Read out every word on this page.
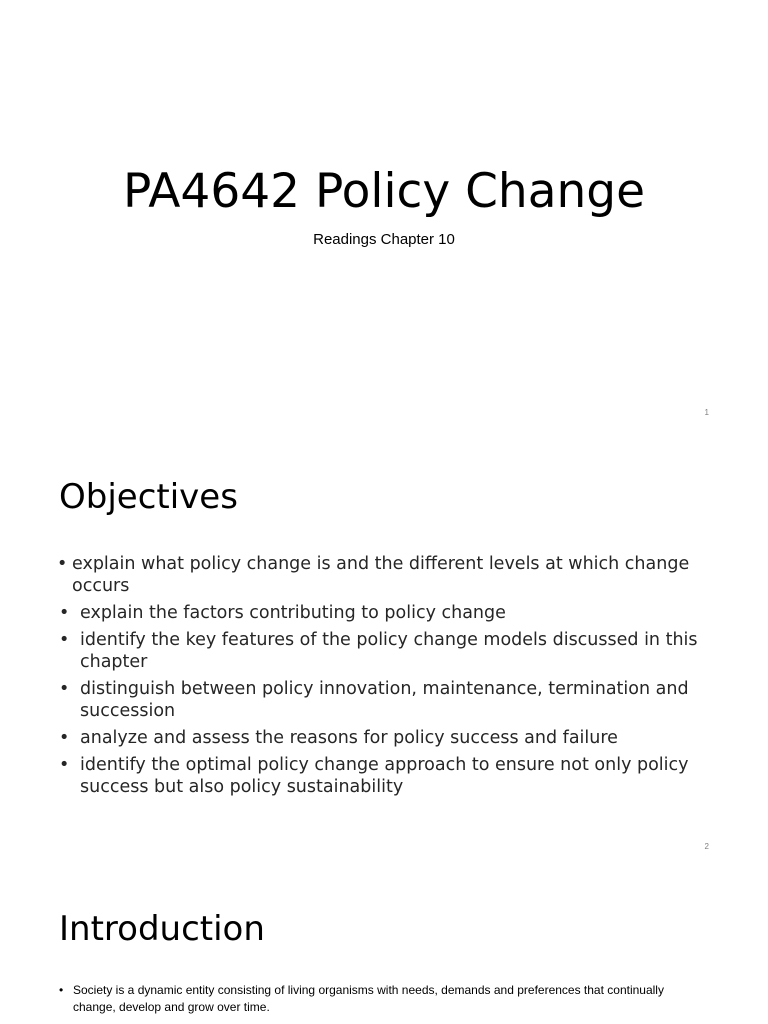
PA4642 Policy Change
Readings Chapter 10
1
Objectives
• explain what policy change is and the different levels at which change occurs
• explain the factors contributing to policy change
• identify the key features of the policy change models discussed in this chapter
• distinguish between policy innovation, maintenance, termination and succession
• analyze and assess the reasons for policy success and failure
• identify the optimal policy change approach to ensure not only policy success but also policy sustainability
2
Introduction
• Society is a dynamic entity consisting of living organisms with needs, demands and preferences that continually change, develop and grow over time.
